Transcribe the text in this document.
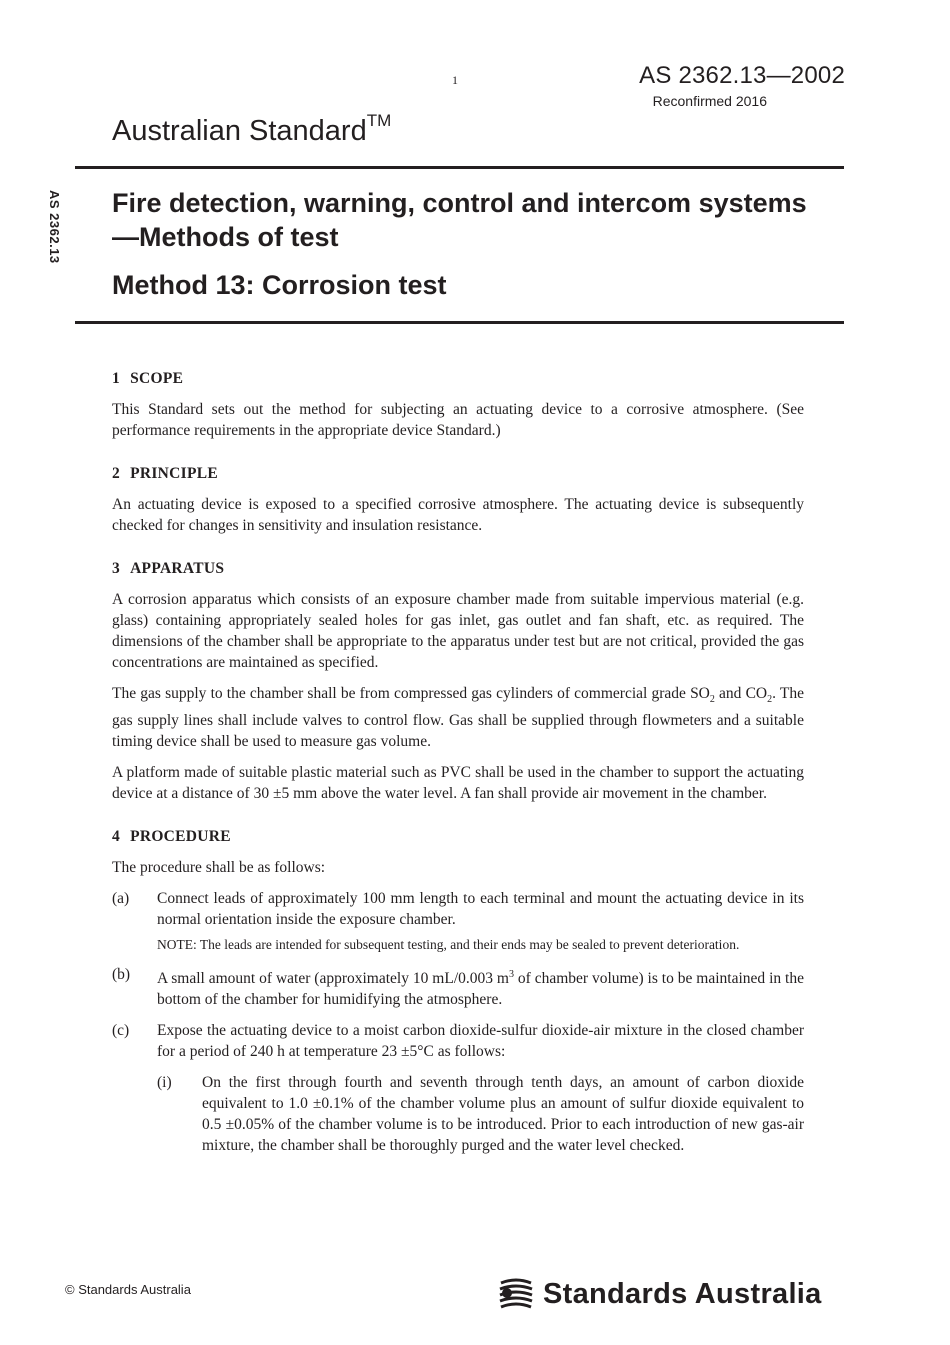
1	AS 2362.13—2002
Reconfirmed 2016
Australian Standard™
AS 2362.13 Fire detection, warning, control and intercom systems—Methods of test
Method 13: Corrosion test
1 SCOPE

This Standard sets out the method for subjecting an actuating device to a corrosive atmosphere. (See performance requirements in the appropriate device Standard.)

2 PRINCIPLE

An actuating device is exposed to a specified corrosive atmosphere. The actuating device is subsequently checked for changes in sensitivity and insulation resistance.

3 APPARATUS

A corrosion apparatus which consists of an exposure chamber made from suitable impervious material (e.g. glass) containing appropriately sealed holes for gas inlet, gas outlet and fan shaft, etc. as required. The dimensions of the chamber shall be appropriate to the apparatus under test but are not critical, provided the gas concentrations are maintained as specified.

The gas supply to the chamber shall be from compressed gas cylinders of commercial grade $SO_2$ and $CO_2$. The gas supply lines shall include valves to control flow. Gas shall be supplied through flowmeters and a suitable timing device shall be used to measure gas volume.

A platform made of suitable plastic material such as PVC shall be used in the chamber to support the actuating device at a distance of 30 ±5 mm above the water level. A fan shall provide air movement in the chamber.

4 PROCEDURE

The procedure shall be as follows:

(a)	Connect leads of approximately 100 mm length to each terminal and mount the actuating device in its normal orientation inside the exposure chamber.

NOTE: The leads are intended for subsequent testing, and their ends may be sealed to prevent deterioration.

(b)	A small amount of water (approximately 10 mL/0.003 $m^3$ of chamber volume) is to be maintained in the bottom of the chamber for humidifying the atmosphere.

(c)	Expose the actuating device to a moist carbon dioxide-sulfur dioxide-air mixture in the closed chamber for a period of 240 h at temperature 23 ±5°C as follows:

(i)	On the first through fourth and seventh through tenth days, an amount of carbon dioxide equivalent to 1.0 ±0.1% of the chamber volume plus an amount of sulfur dioxide equivalent to 0.5 ±0.05% of the chamber volume is to be introduced. Prior to each introduction of new gas-air mixture, the chamber shall be thoroughly purged and the water level checked.
© Standards Australia	Standards Australia
